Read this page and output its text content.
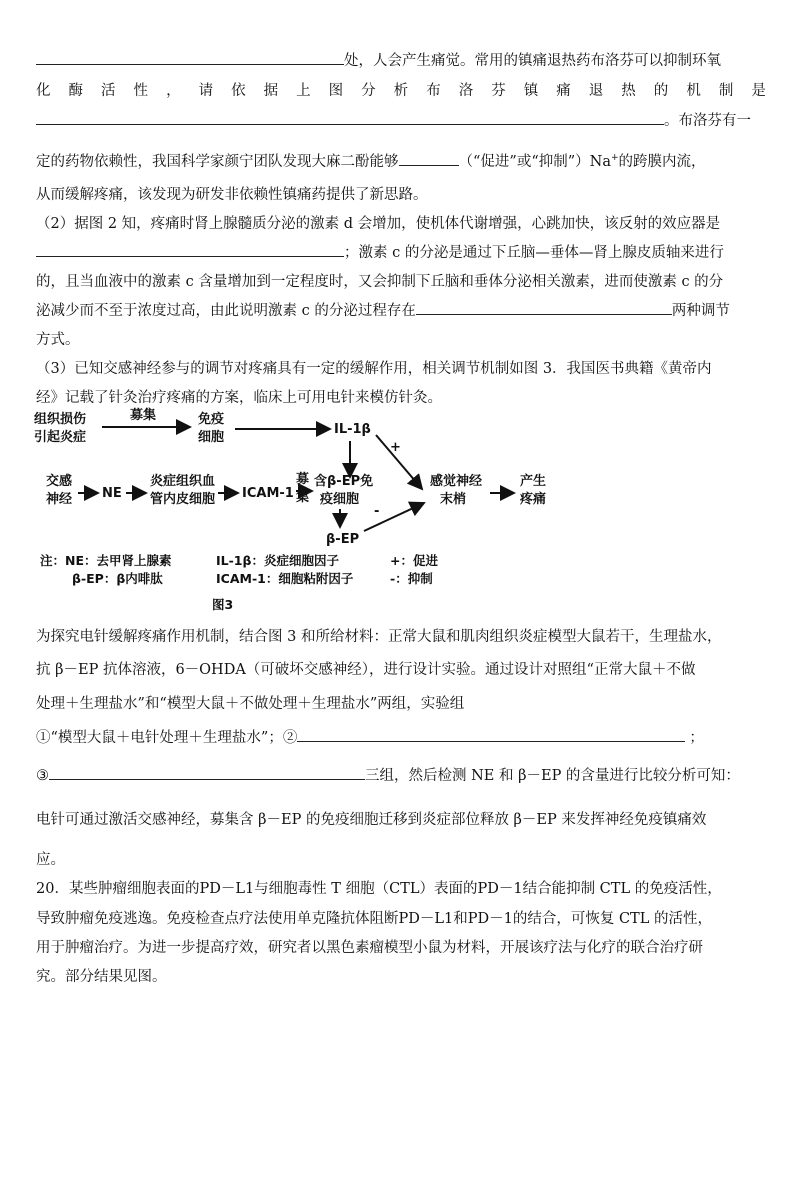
处，人会产生痛觉。常用的镇痛退热药布洛芬可以抑制环氧
化 酶 活 性 ， 请 依 据 上 图 分 析 布 洛 芬 镇 痛 退 热 的 机 制 是
。布洛芬有一
定的药物依赖性，我国科学家颜宁团队发现大麻二酚能够	（“促进”或“抑制”）Na+的跨膜内流，
从而缓解疼痛，该发现为研发非依赖性镇痛药提供了新思路。
（2）据图 2 知，疼痛时肾上腺髓质分泌的激素 d 会增加，使机体代谢增强，心跳加快，该反射的效应器是
；激素 c 的分泌是通过下丘脑—垂体—肾上腺皮质轴来进行
的，且当血液中的激素 c 含量增加到一定程度时，又会抑制下丘脑和垂体分泌相关激素，进而使激素 c 的分
泌减少而不至于浓度过高，由此说明激素 c 的分泌过程存在	两种调节
方式。
（3）已知交感神经参与的调节对疼痛具有一定的缓解作用，相关调节机制如图 3．我国医书典籍《黄帝内
经》记载了针灸治疗疼痛的方案，临床上可用电针来模仿针灸。
组织损伤
引起炎症
募集	免疫
细胞
IL-1β
+
交感
神经 NE
炎症组织血
管内皮细胞 ICAM-1
募
集
含β-EP免
疫细胞
感觉神经
末梢
产生
疼痛
β-EP
-
注：NE：去甲肾上腺素	IL-1β：炎症细胞因子	+：促进
β-EP：β内啡肽	ICAM-1：细胞粘附因子	-：抑制
图3
为探究电针缓解疼痛作用机制，结合图 3 和所给材料：正常大鼠和肌肉组织炎症模型大鼠若干，生理盐水，
抗 β－EP 抗体溶液，6－OHDA（可破坏交感神经），进行设计实验。通过设计对照组“正常大鼠＋不做
处理＋生理盐水”和“模型大鼠＋不做处理＋生理盐水”两组，实验组
①“模型大鼠＋电针处理＋生理盐水”；②	；
③	三组，然后检测 NE 和 β－EP 的含量进行比较分析可知：
电针可通过激活交感神经，募集含 β－EP 的免疫细胞迁移到炎症部位释放 β－EP 来发挥神经免疫镇痛效
应。
20．某些肿瘤细胞表面的PD－L1与细胞毒性 T 细胞（CTL）表面的PD－1结合能抑制 CTL 的免疫活性，
导致肿瘤免疫逃逸。免疫检查点疗法使用单克隆抗体阻断PD－L1和PD－1的结合，可恢复 CTL 的活性，
用于肿瘤治疗。为进一步提高疗效，研究者以黑色素瘤模型小鼠为材料，开展该疗法与化疗的联合治疗研
究。部分结果见图。
